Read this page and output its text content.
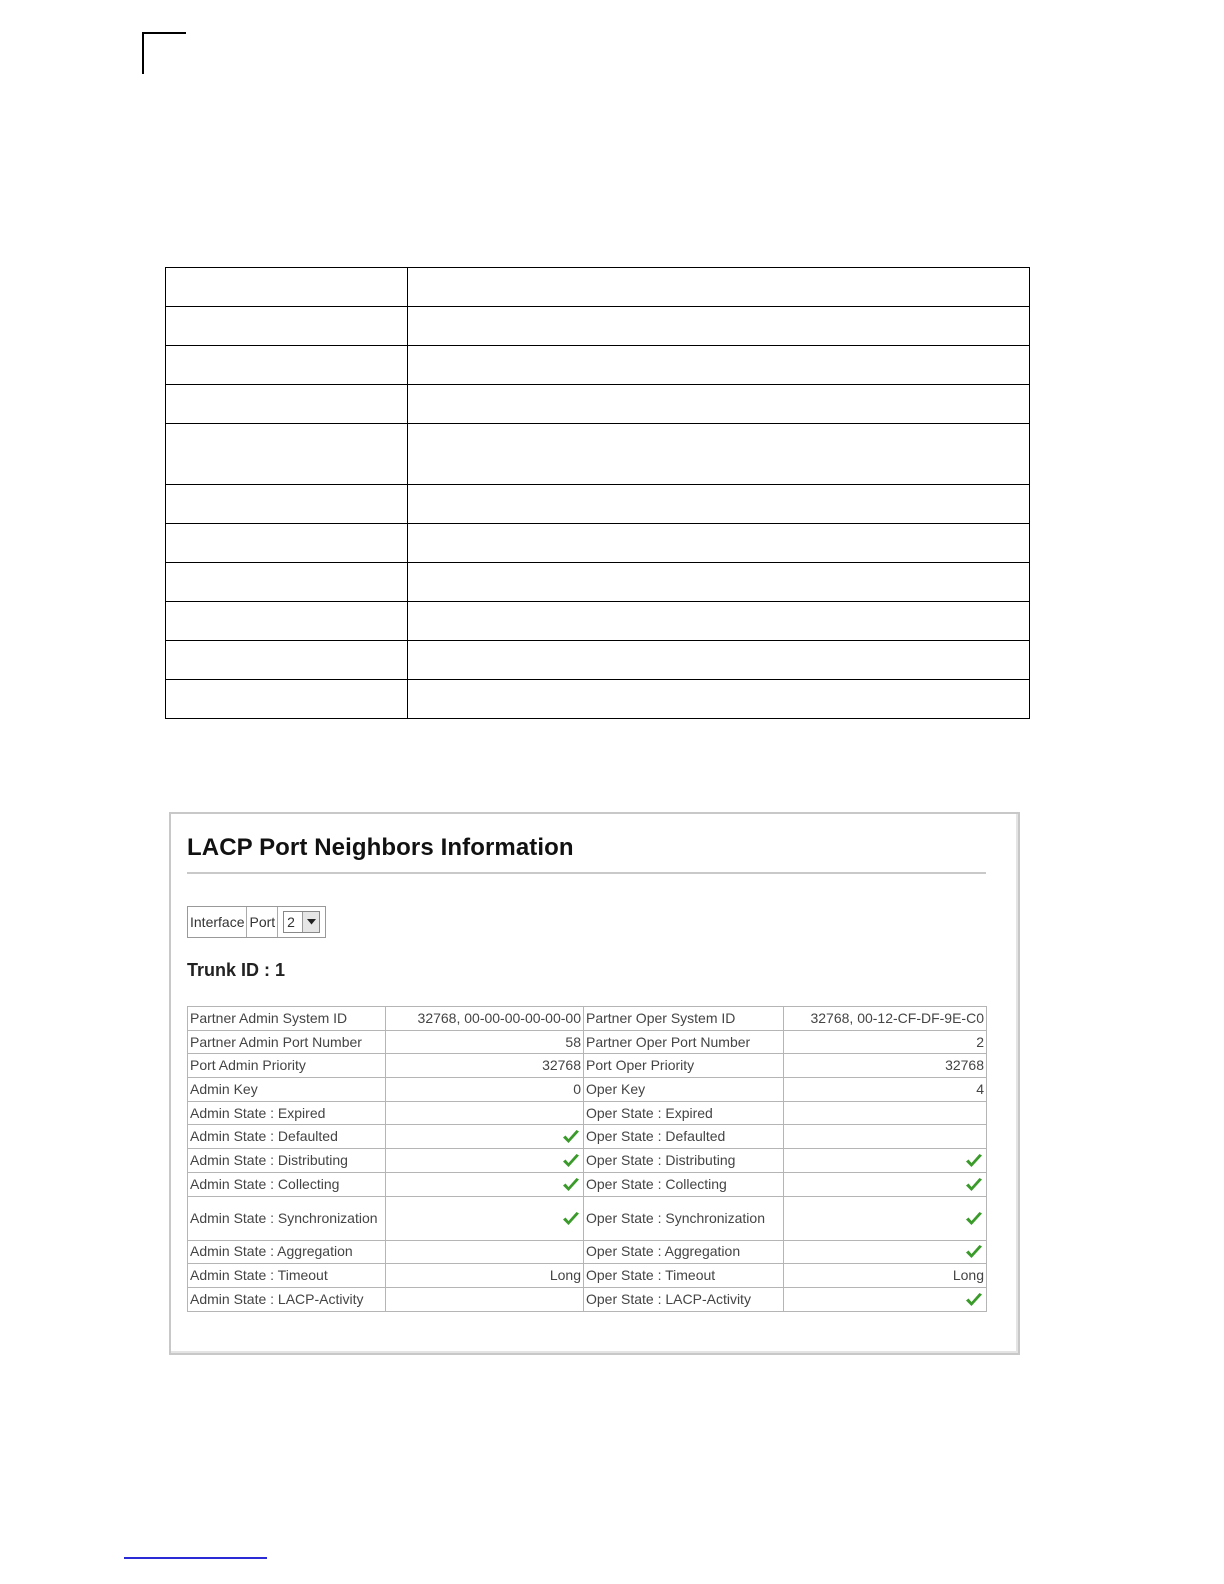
LACP Port Neighbors Information
Interface Port 2
Trunk ID : 1
Partner Admin System ID	32768, 00-00-00-00-00-00	Partner Oper System ID	32768, 00-12-CF-DF-9E-C0
Partner Admin Port Number	58	Partner Oper Port Number	2
Port Admin Priority	32768	Port Oper Priority	32768
Admin Key	0	Oper Key	4
Admin State : Expired		Oper State : Expired	
Admin State : Defaulted		Oper State : Defaulted	
Admin State : Distributing		Oper State : Distributing	
Admin State : Collecting		Oper State : Collecting	
Admin State : Synchronization		Oper State : Synchronization	
Admin State : Aggregation		Oper State : Aggregation	
Admin State : Timeout	Long	Oper State : Timeout	Long
Admin State : LACP-Activity		Oper State : LACP-Activity	
